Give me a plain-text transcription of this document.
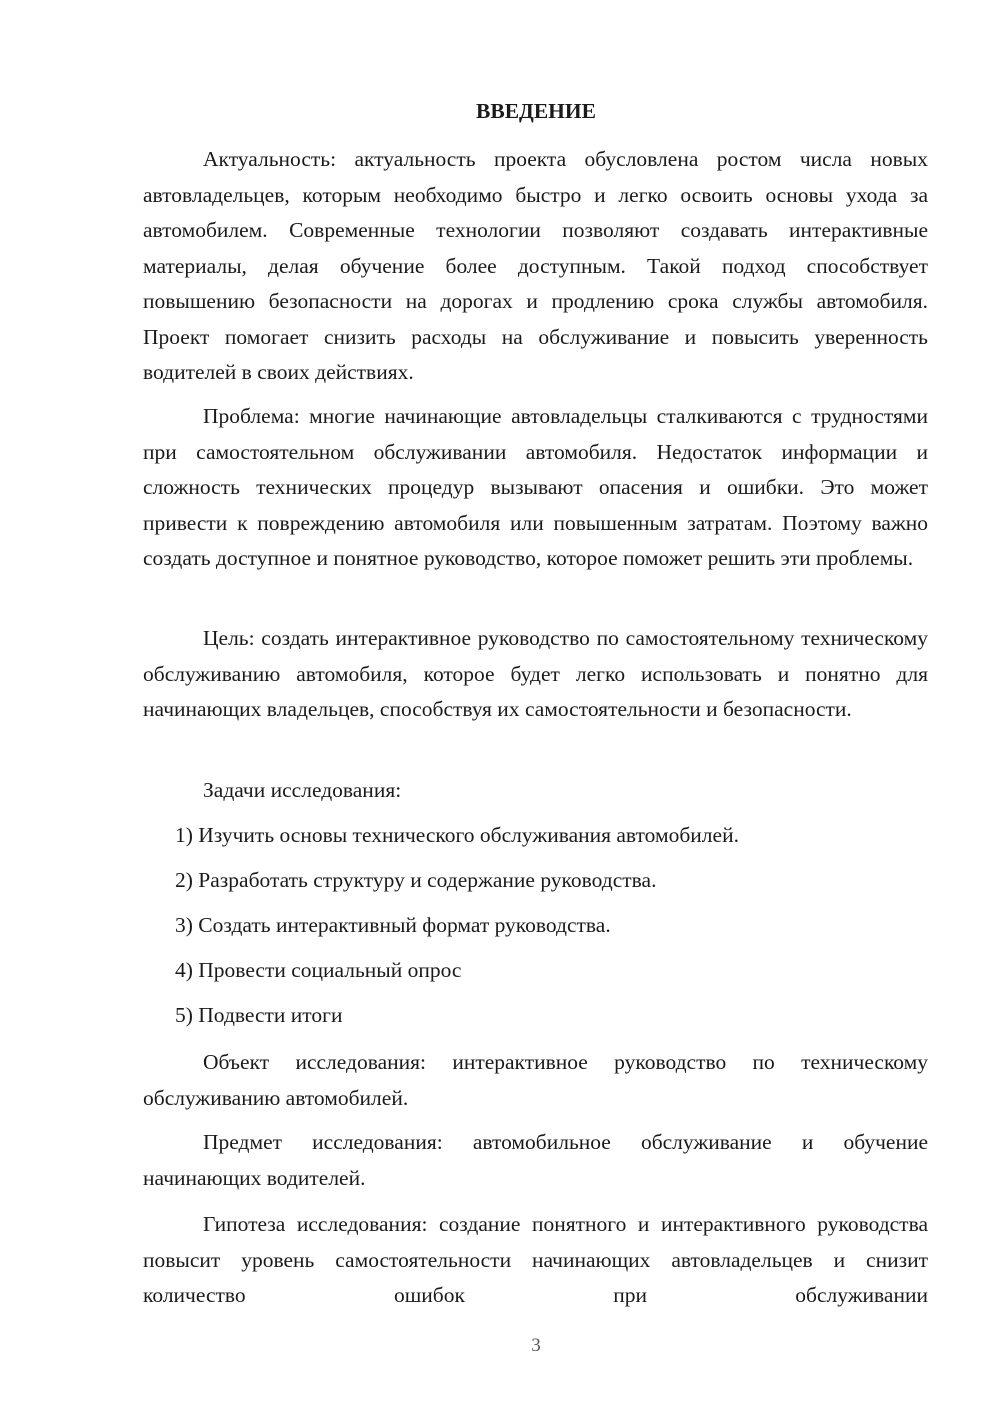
ВВЕДЕНИЕ

Актуальность: актуальность проекта обусловлена ростом числа новых автовладельцев, которым необходимо быстро и легко освоить основы ухода за автомобилем. Современные технологии позволяют создавать интерактивные материалы, делая обучение более доступным. Такой подход способствует повышению безопасности на дорогах и продлению срока службы автомобиля. Проект помогает снизить расходы на обслуживание и повысить уверенность водителей в своих действиях.

Проблема: многие начинающие автовладельцы сталкиваются с трудностями при самостоятельном обслуживании автомобиля. Недостаток информации и сложность технических процедур вызывают опасения и ошибки. Это может привести к повреждению автомобиля или повышенным затратам. Поэтому важно создать доступное и понятное руководство, которое поможет решить эти проблемы.

Цель: создать интерактивное руководство по самостоятельному техническому обслуживанию автомобиля, которое будет легко использовать и понятно для начинающих владельцев, способствуя их самостоятельности и безопасности.

Задачи исследования:

1) Изучить основы технического обслуживания автомобилей.

2) Разработать структуру и содержание руководства.

3) Создать интерактивный формат руководства.

4) Провести социальный опрос

5) Подвести итоги

Объект исследования: интерактивное руководство по техническому обслуживанию автомобилей.

Предмет исследования: автомобильное обслуживание и обучение начинающих водителей.

Гипотеза исследования: создание понятного и интерактивного руководства повысит уровень самостоятельности начинающих автовладельцев и снизит количество ошибок при обслуживании

3
